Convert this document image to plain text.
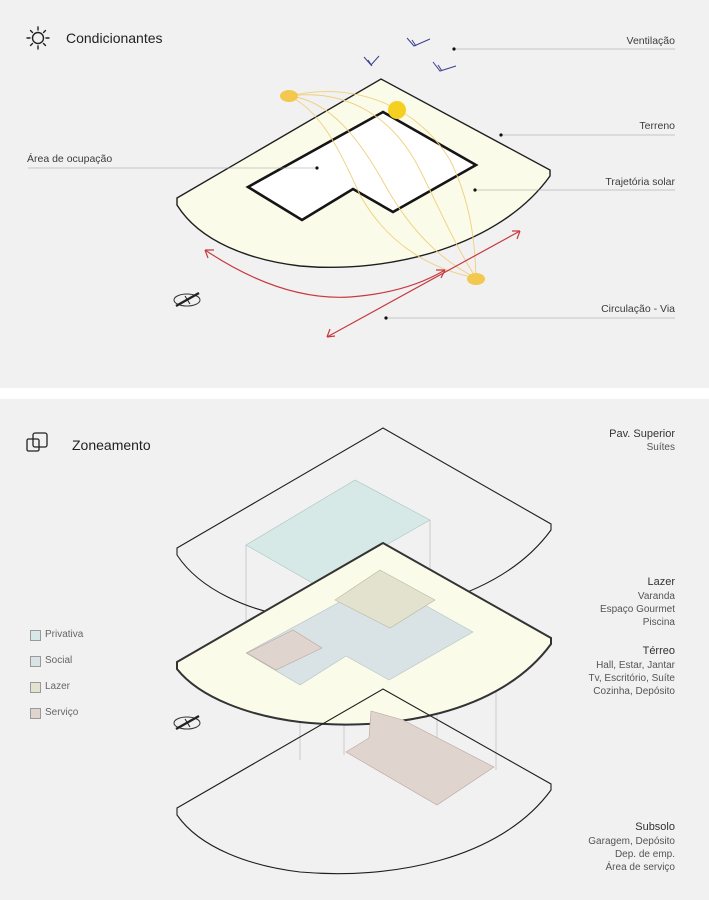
Condicionantes	Ventilação
Terreno
Área de ocupação
Trajetória solar
Circulação - Via
Zoneamento
Privativa
Social
Lazer
Serviço
Pav. Superior
Suítes
Lazer
Varanda
Espaço Gourmet
Piscina
Térreo
Hall, Estar, Jantar
Tv, Escritório, Suíte
Cozinha, Depósito
Subsolo
Garagem, Depósito
Dep. de emp.
Área de serviço
